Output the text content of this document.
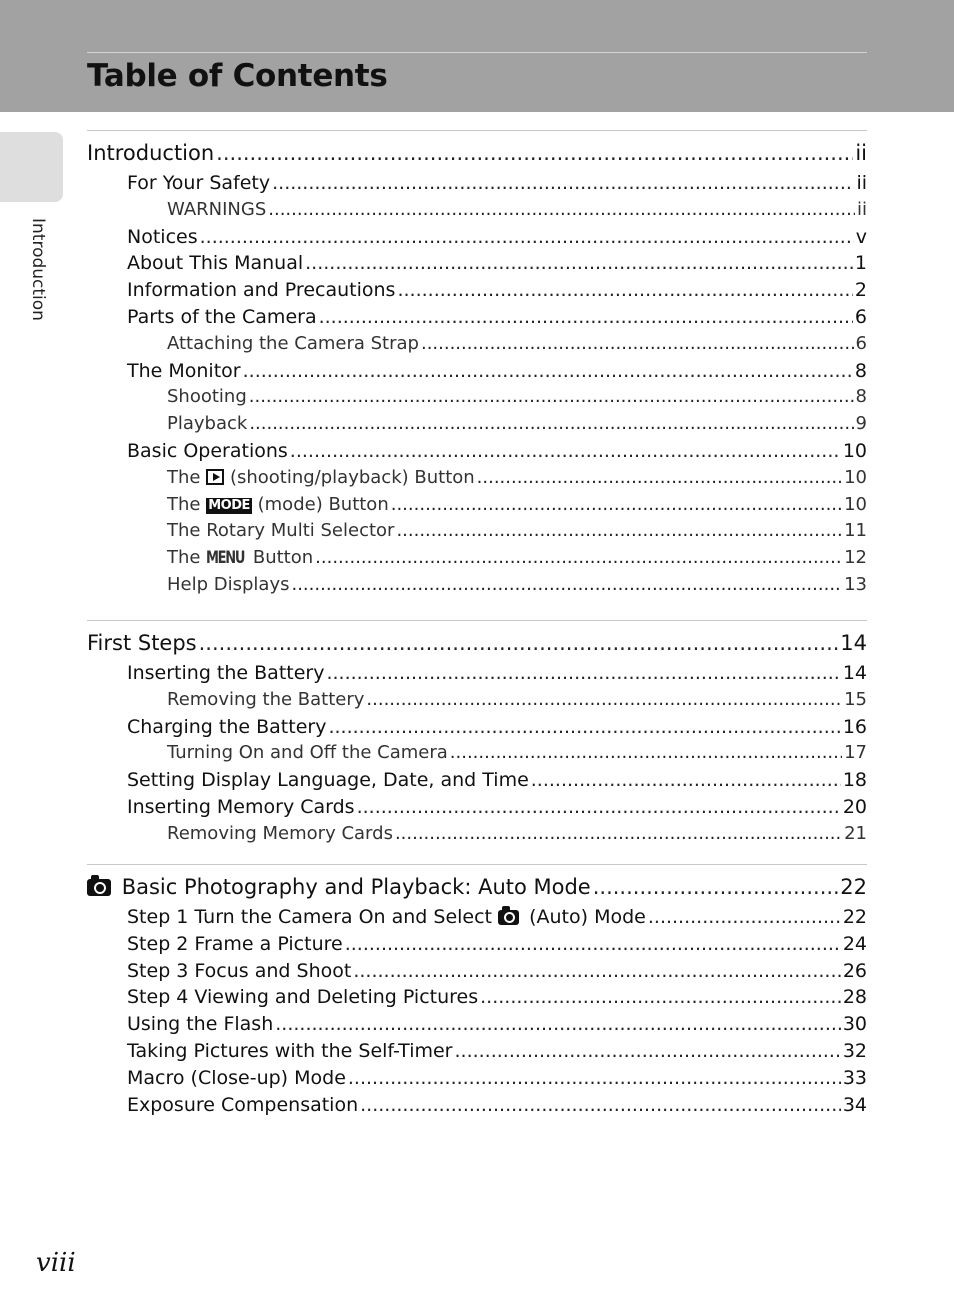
Table of Contents
Introduction
Introduction .....	ii
For Your Safety .....	ii
WARNINGS .....	ii
Notices .....	v
About This Manual .....	1
Information and Precautions .....	2
Parts of the Camera .....	6
Attaching the Camera Strap .....	6
The Monitor .....	8
Shooting .....	8
Playback .....	9
Basic Operations .....	10
The (shooting/playback) Button .....	10
The MODE (mode) Button .....	10
The Rotary Multi Selector .....	11
The MENU Button .....	12
Help Displays .....	13
First Steps .....	14
Inserting the Battery .....	14
Removing the Battery .....	15
Charging the Battery .....	16
Turning On and Off the Camera .....	17
Setting Display Language, Date, and Time .....	18
Inserting Memory Cards .....	20
Removing Memory Cards .....	21
Basic Photography and Playback: Auto Mode .....	22
Step 1 Turn the Camera On and Select (Auto) Mode .....	22
Step 2 Frame a Picture .....	24
Step 3 Focus and Shoot .....	26
Step 4 Viewing and Deleting Pictures .....	28
Using the Flash .....	30
Taking Pictures with the Self-Timer .....	32
Macro (Close-up) Mode .....	33
Exposure Compensation .....	34
viii
